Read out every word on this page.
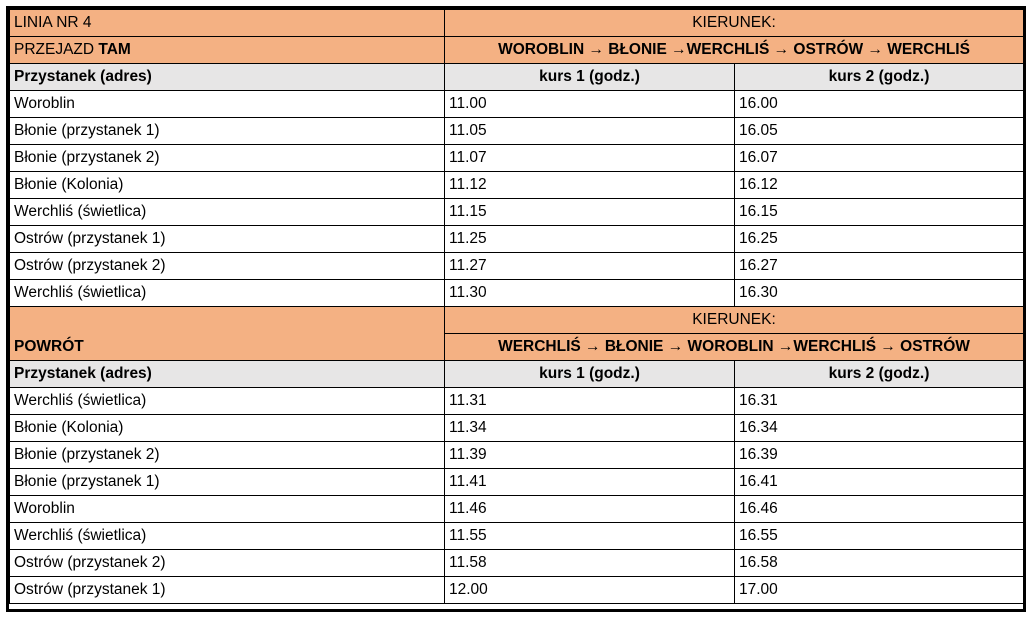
LINIA NR 4	KIERUNEK:	
PRZEJAZD TAM	WOROBLIN → BŁONIE →WERCHLIŚ → OSTRÓW → WERCHLIŚ	
Przystanek (adres)	kurs 1 (godz.)	kurs 2 (godz.)
Woroblin	11.00	16.00
Błonie (przystanek 1)	11.05	16.05
Błonie (przystanek 2)	11.07	16.07
Błonie (Kolonia)	11.12	16.12
Werchliś (świetlica)	11.15	16.15
Ostrów (przystanek 1)	11.25	16.25
Ostrów (przystanek 2)	11.27	16.27
Werchliś (świetlica)	11.30	16.30
POWRÓT	KIERUNEK:	
	WERCHLIŚ → BŁONIE → WOROBLIN →WERCHLIŚ → OSTRÓW	
Przystanek (adres)	kurs 1 (godz.)	kurs 2 (godz.)
Werchliś (świetlica)	11.31	16.31
Błonie (Kolonia)	11.34	16.34
Błonie (przystanek 2)	11.39	16.39
Błonie (przystanek 1)	11.41	16.41
Woroblin	11.46	16.46
Werchliś (świetlica)	11.55	16.55
Ostrów (przystanek 2)	11.58	16.58
Ostrów (przystanek 1)	12.00	17.00
